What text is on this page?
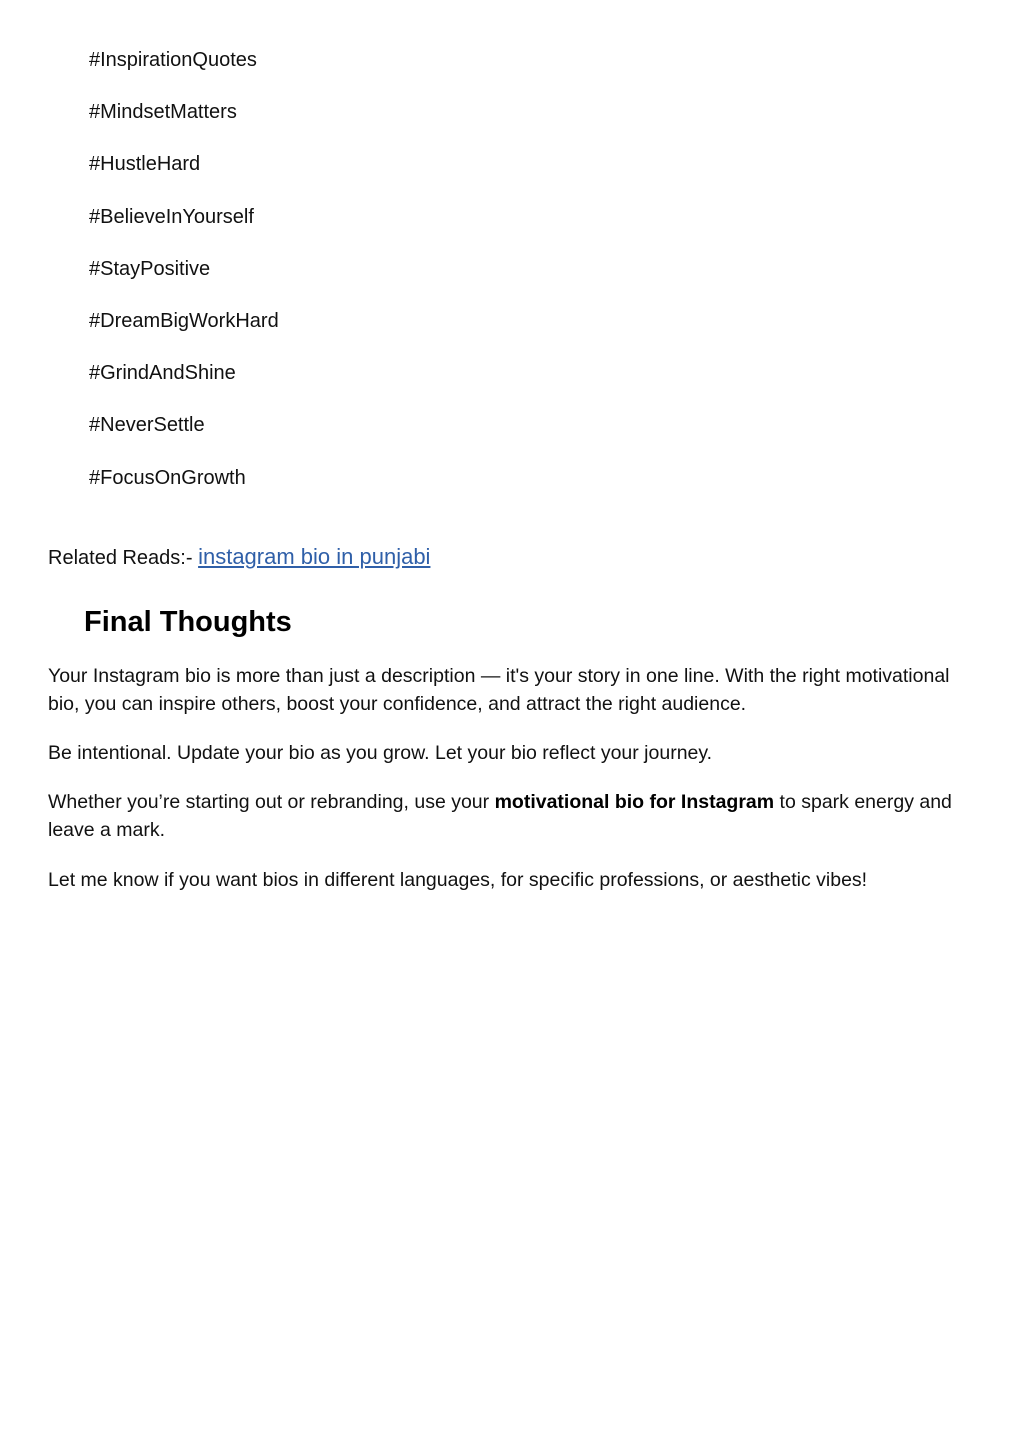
#InspirationQuotes
#MindsetMatters
#HustleHard
#BelieveInYourself
#StayPositive
#DreamBigWorkHard
#GrindAndShine
#NeverSettle
#FocusOnGrowth

Related Reads:- instagram bio in punjabi

Final Thoughts

Your Instagram bio is more than just a description — it's your story in one line. With the right motivational bio, you can inspire others, boost your confidence, and attract the right audience.

Be intentional. Update your bio as you grow. Let your bio reflect your journey.

Whether you’re starting out or rebranding, use your motivational bio for Instagram to spark energy and leave a mark.

Let me know if you want bios in different languages, for specific professions, or aesthetic vibes!
